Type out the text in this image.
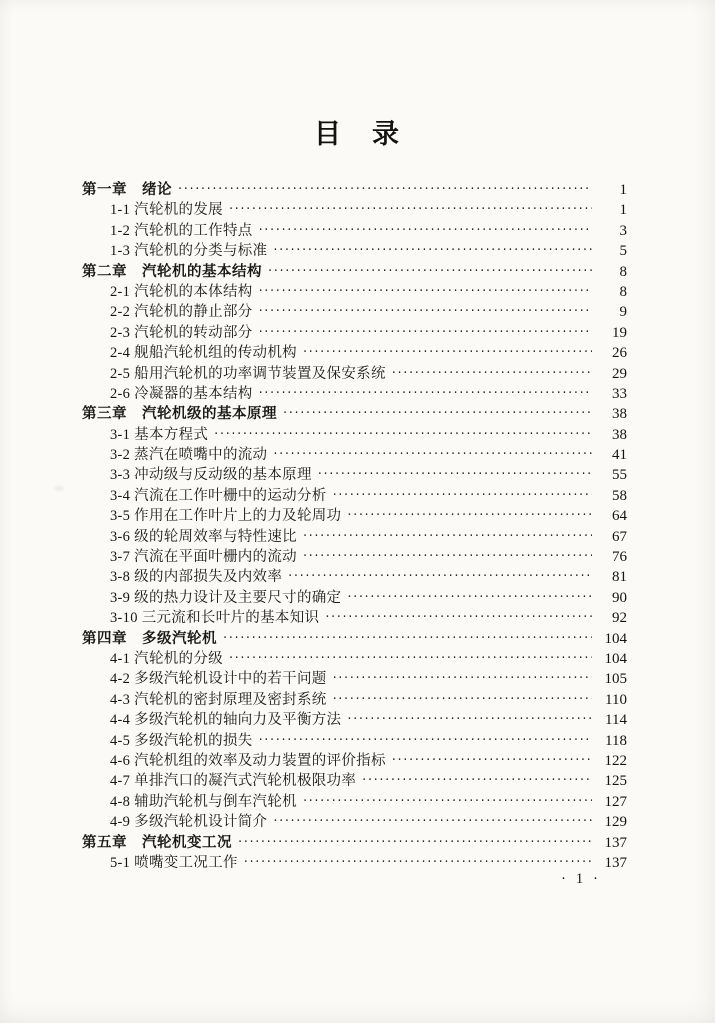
目　录
第一章　绪论 ·····	1
1-1 汽轮机的发展 ·····	1
1-2 汽轮机的工作特点 ·····	3
1-3 汽轮机的分类与标准 ·····	5
第二章　汽轮机的基本结构 ·····	8
2-1 汽轮机的本体结构 ·····	8
2-2 汽轮机的静止部分 ·····	9
2-3 汽轮机的转动部分 ·····	19
2-4 舰船汽轮机组的传动机构 ·····	26
2-5 船用汽轮机的功率调节装置及保安系统 ·····	29
2-6 冷凝器的基本结构 ·····	33
第三章　汽轮机级的基本原理 ·····	38
3-1 基本方程式 ·····	38
3-2 蒸汽在喷嘴中的流动 ·····	41
3-3 冲动级与反动级的基本原理 ·····	55
3-4 汽流在工作叶栅中的运动分析 ·····	58
3-5 作用在工作叶片上的力及轮周功 ·····	64
3-6 级的轮周效率与特性速比 ·····	67
3-7 汽流在平面叶栅内的流动 ·····	76
3-8 级的内部损失及内效率 ·····	81
3-9 级的热力设计及主要尺寸的确定 ·····	90
3-10 三元流和长叶片的基本知识 ·····	92
第四章　多级汽轮机 ·····	104
4-1 汽轮机的分级 ·····	104
4-2 多级汽轮机设计中的若干问题 ·····	105
4-3 汽轮机的密封原理及密封系统 ·····	110
4-4 多级汽轮机的轴向力及平衡方法 ·····	114
4-5 多级汽轮机的损失 ·····	118
4-6 汽轮机组的效率及动力装置的评价指标 ·····	122
4-7 单排汽口的凝汽式汽轮机极限功率 ·····	125
4-8 辅助汽轮机与倒车汽轮机 ·····	127
4-9 多级汽轮机设计简介 ·····	129
第五章　汽轮机变工况 ·····	137
5-1 喷嘴变工况工作 ·····	137
· 1 ·
